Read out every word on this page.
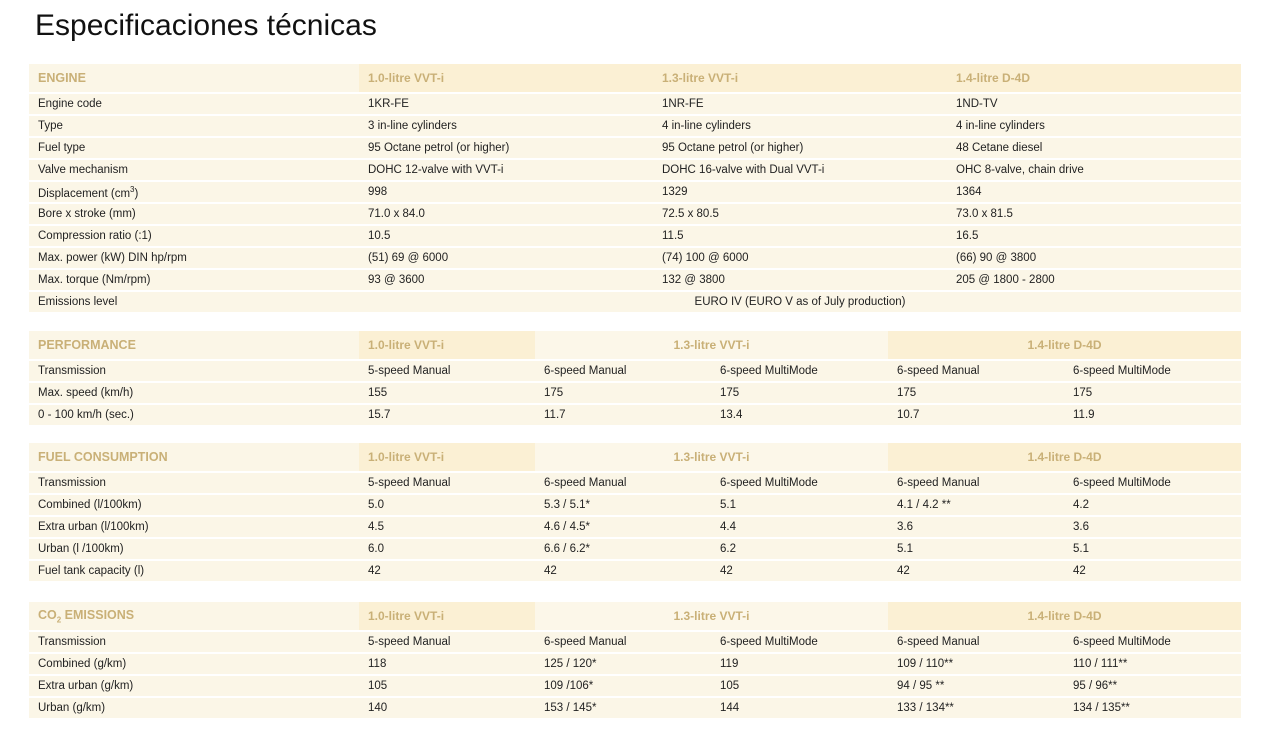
Especificaciones técnicas
ENGINE	1.0-litre VVT-i	1.3-litre VVT-i	1.4-litre D-4D
Engine code	1KR-FE	1NR-FE	1ND-TV
Type	3 in-line cylinders	4 in-line cylinders	4 in-line cylinders
Fuel type	95 Octane petrol (or higher)	95 Octane petrol (or higher)	48 Cetane diesel
Valve mechanism	DOHC 12-valve with VVT-i	DOHC 16-valve with Dual VVT-i	OHC 8-valve, chain drive
Displacement $(cm^3)$	998	1329	1364
Bore x stroke (mm)	71.0 x 84.0	72.5 x 80.5	73.0 x 81.5
Compression ratio (:1)	10.5	11.5	16.5
Max. power (kW) DIN hp/rpm	(51) 69 @ 6000	(74) 100 @ 6000	(66) 90 @ 3800
Max. torque (Nm/rpm)	93 @ 3600	132 @ 3800	205 @ 1800 - 2800
Emissions level	EURO IV (EURO V as of July production)		
PERFORMANCE	1.0-litre VVT-i	1.3-litre VVT-i		1.4-litre D-4D	
Transmission	5-speed Manual	6-speed Manual	6-speed MultiMode	6-speed Manual	6-speed MultiMode
Max. speed (km/h)	155	175	175	175	175
0 - 100 km/h (sec.)	15.7	11.7	13.4	10.7	11.9
FUEL CONSUMPTION	1.0-litre VVT-i	1.3-litre VVT-i		1.4-litre D-4D	
Transmission	5-speed Manual	6-speed Manual	6-speed MultiMode	6-speed Manual	6-speed MultiMode
Combined (l/100km)	5.0	5.3 / 5.1*	5.1	4.1 / 4.2 **	4.2
Extra urban (l/100km)	4.5	4.6 / 4.5*	4.4	3.6	3.6
Urban (l /100km)	6.0	6.6 / 6.2*	6.2	5.1	5.1
Fuel tank capacity (l)	42	42	42	42	42
$CO_2$ EMISSIONS	1.0-litre VVT-i	1.3-litre VVT-i		1.4-litre D-4D	
Transmission	5-speed Manual	6-speed Manual	6-speed MultiMode	6-speed Manual	6-speed MultiMode
Combined (g/km)	118	125 / 120*	119	109 / 110**	110 / 111**
Extra urban (g/km)	105	109 /106*	105	94 / 95 **	95 / 96**
Urban (g/km)	140	153 / 145*	144	133 / 134**	134 / 135**
